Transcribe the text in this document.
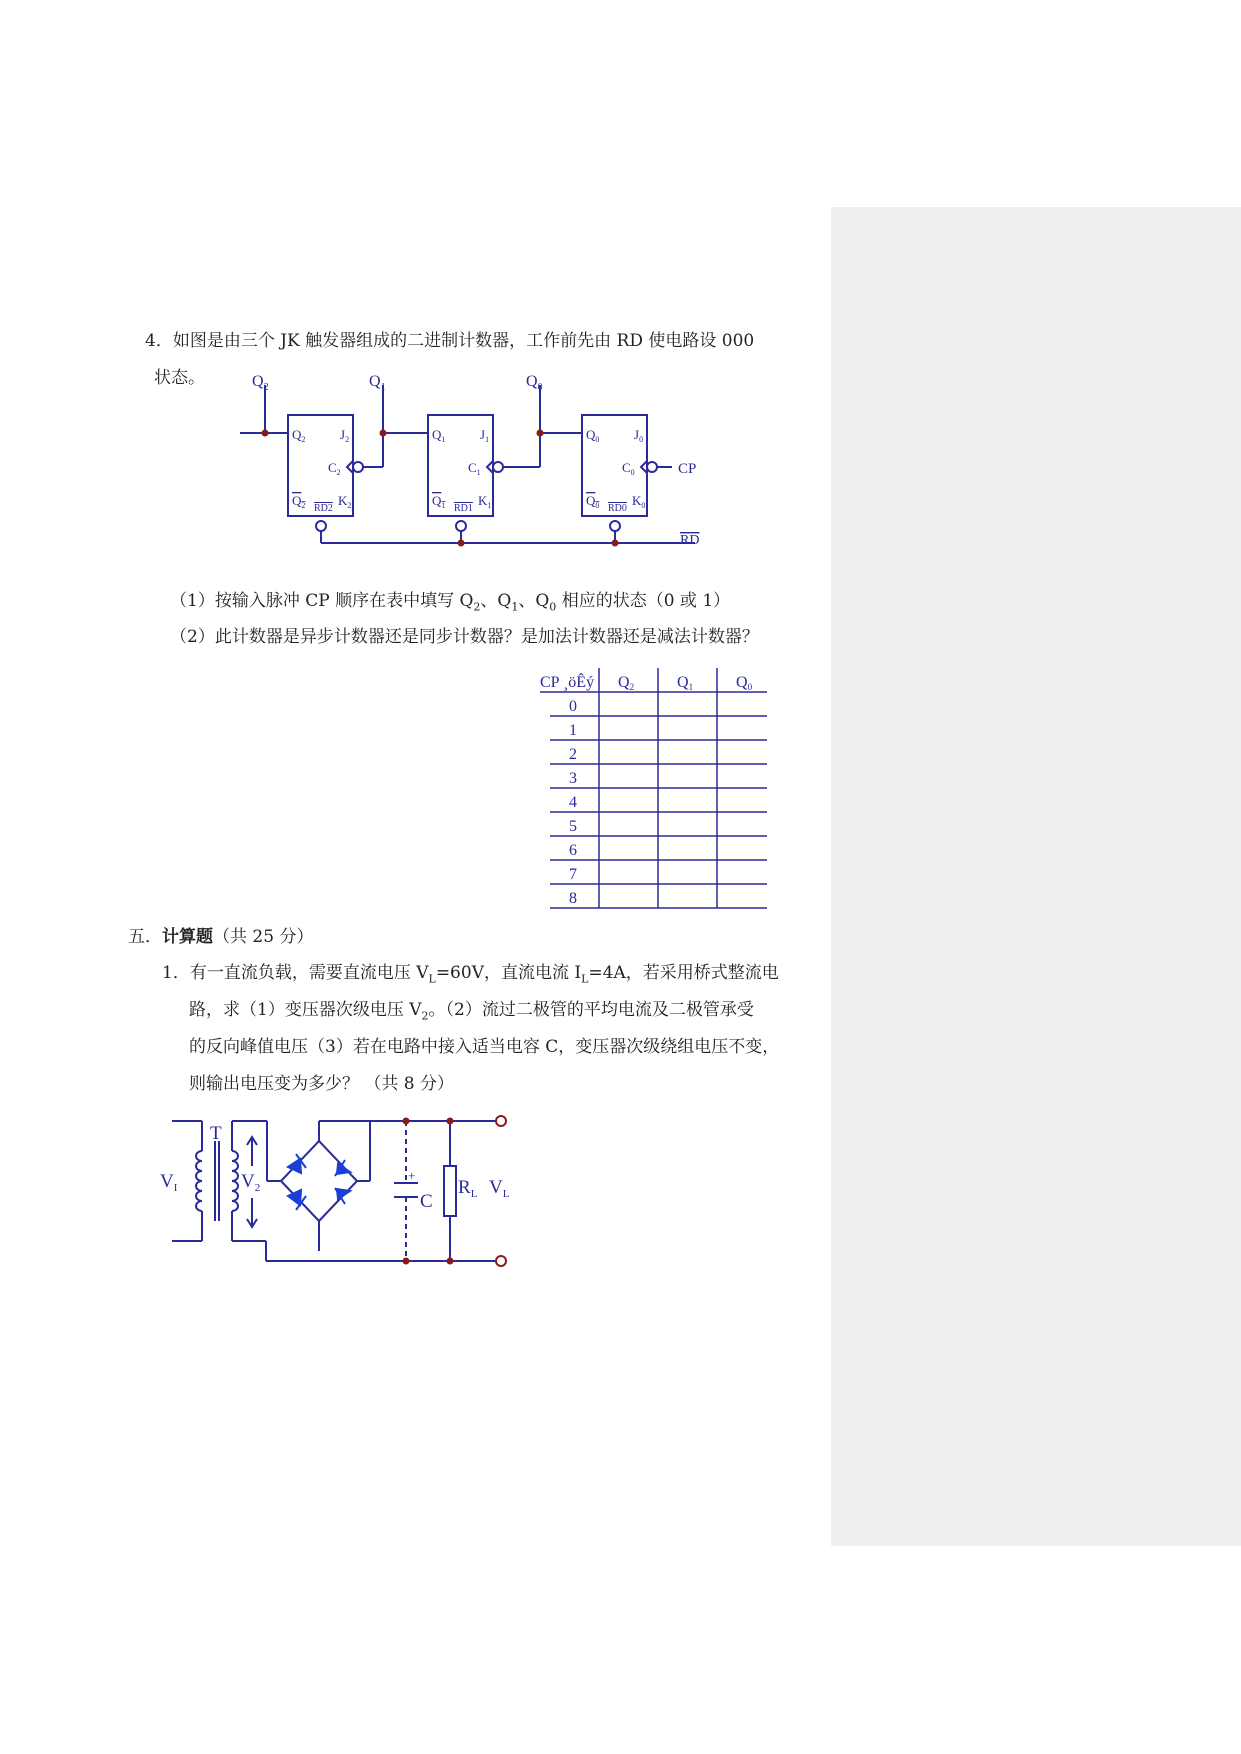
4．如图是由三个 JK 触发器组成的二进制计数器，工作前先由 RD 使电路设 000
状态。	$Q_2$	$Q_1$	$Q_0$
$Q_2$	$J_2$
$C_2$
$Q_2$ RD2
$K_2$
$Q_1$	$J_1$
$C_1$
$Q_1$ RD1
$K_1$
$Q_0$	$J_0$
$C_0$
$Q_0$ RD0
$K_0$
CP
RD
（1）按输入脉冲 CP 顺序在表中填写 $Q_2$、$Q_1$、$Q_0$ 相应的状态（0 或 1）
（2）此计数器是异步计数器还是同步计数器？是加法计数器还是减法计数器？
CP ¸öÊý Q2	Q1	Q0
0
1
2
3
4
5
6
7
8
五．计算题（共 25 分）
1．有一直流负载，需要直流电压 $V_L=60V$，直流电流 $I_L=4A$，若采用桥式整流电
路，求（1）变压器次级电压 $V_2$。（2）流过二极管的平均电流及二极管承受
的反向峰值电压（3）若在电路中接入适当电容 C，变压器次级绕组电压不变，
则输出电压变为多少？ （共 8 分）
$V_I$
T
$V_2$
+
C
$R_L$ $V_L$
